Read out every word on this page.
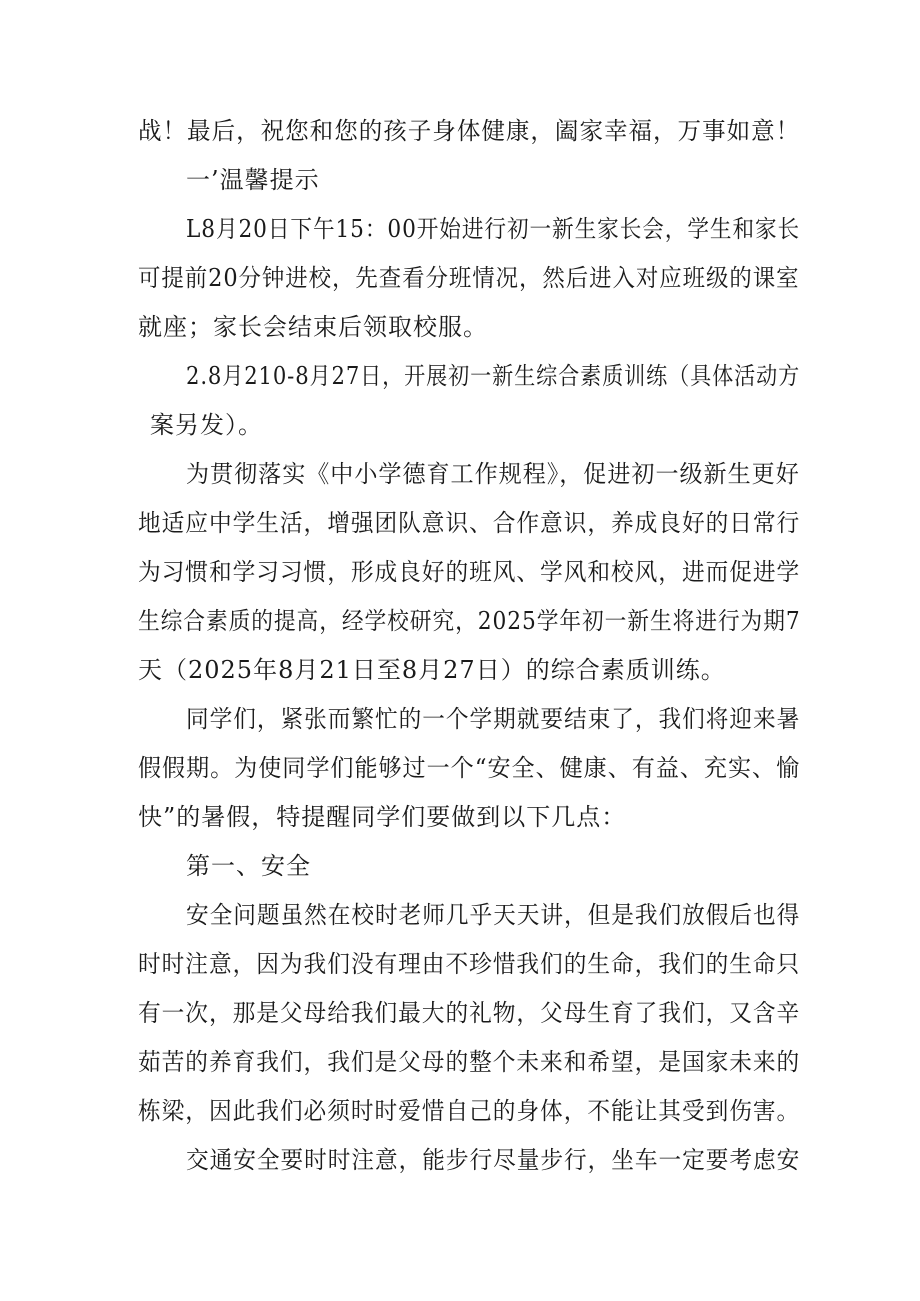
战！最后，祝您和您的孩子身体健康，阖家幸福，万事如意！
一’温馨提示
L8月20日下午15：00开始进行初一新生家长会，学生和家长
可提前20分钟进校，先查看分班情况，然后进入对应班级的课室
就座；家长会结束后领取校服。
2.8月210-8月27日，开展初一新生综合素质训练（具体活动方
案另发）。
为贯彻落实《中小学德育工作规程》，促进初一级新生更好
地适应中学生活，增强团队意识、合作意识，养成良好的日常行
为习惯和学习习惯，形成良好的班风、学风和校风，进而促进学
生综合素质的提高，经学校研究，2025学年初一新生将进行为期7
天（2025年8月21日至8月27日）的综合素质训练。
同学们，紧张而繁忙的一个学期就要结束了，我们将迎来暑
假假期。为使同学们能够过一个“安全、健康、有益、充实、愉
快”的暑假，特提醒同学们要做到以下几点：
第一、安全
安全问题虽然在校时老师几乎天天讲，但是我们放假后也得
时时注意，因为我们没有理由不珍惜我们的生命，我们的生命只
有一次，那是父母给我们最大的礼物，父母生育了我们，又含辛
茹苦的养育我们，我们是父母的整个未来和希望，是国家未来的
栋梁，因此我们必须时时爱惜自己的身体，不能让其受到伤害。
交通安全要时时注意，能步行尽量步行，坐车一定要考虑安
